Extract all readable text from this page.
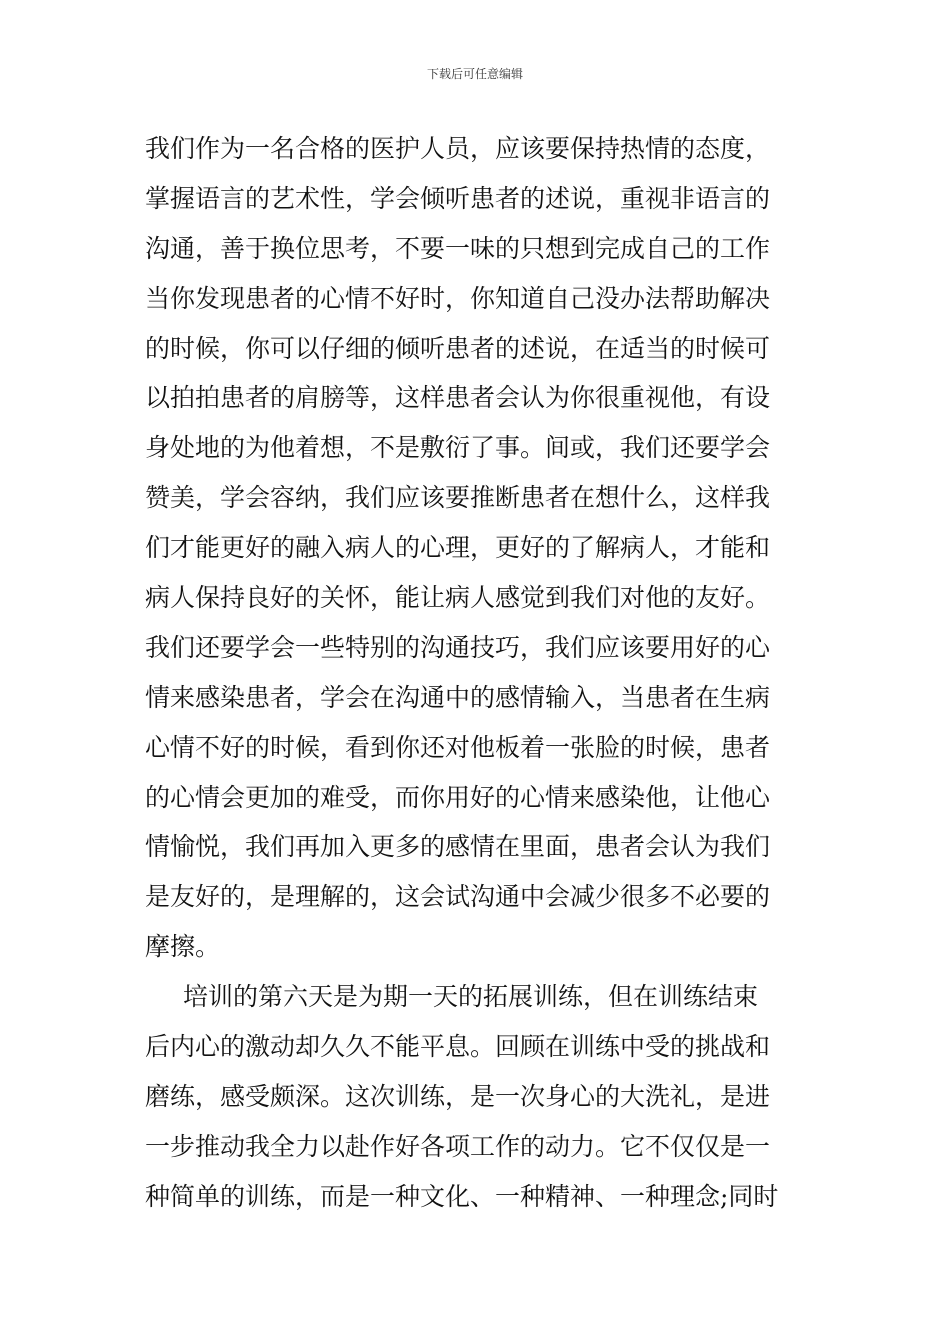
下载后可任意编辑
我们作为一名合格的医护人员，应该要保持热情的态度，
掌握语言的艺术性，学会倾听患者的述说，重视非语言的
沟通，善于换位思考，不要一味的只想到完成自己的工作
当你发现患者的心情不好时，你知道自己没办法帮助解决
的时候，你可以仔细的倾听患者的述说，在适当的时候可
以拍拍患者的肩膀等，这样患者会认为你很重视他，有设
身处地的为他着想，不是敷衍了事。间或，我们还要学会
赞美，学会容纳，我们应该要推断患者在想什么，这样我
们才能更好的融入病人的心理，更好的了解病人，才能和
病人保持良好的关怀，能让病人感觉到我们对他的友好。
我们还要学会一些特别的沟通技巧，我们应该要用好的心
情来感染患者，学会在沟通中的感情输入，当患者在生病
心情不好的时候，看到你还对他板着一张脸的时候，患者
的心情会更加的难受，而你用好的心情来感染他，让他心
情愉悦，我们再加入更多的感情在里面，患者会认为我们
是友好的，是理解的，这会试沟通中会减少很多不必要的
摩擦。
培训的第六天是为期一天的拓展训练，但在训练结束
后内心的激动却久久不能平息。回顾在训练中受的挑战和
磨练，感受颇深。这次训练，是一次身心的大洗礼，是进
一步推动我全力以赴作好各项工作的动力。它不仅仅是一
种简单的训练，而是一种文化、一种精神、一种理念;同时
